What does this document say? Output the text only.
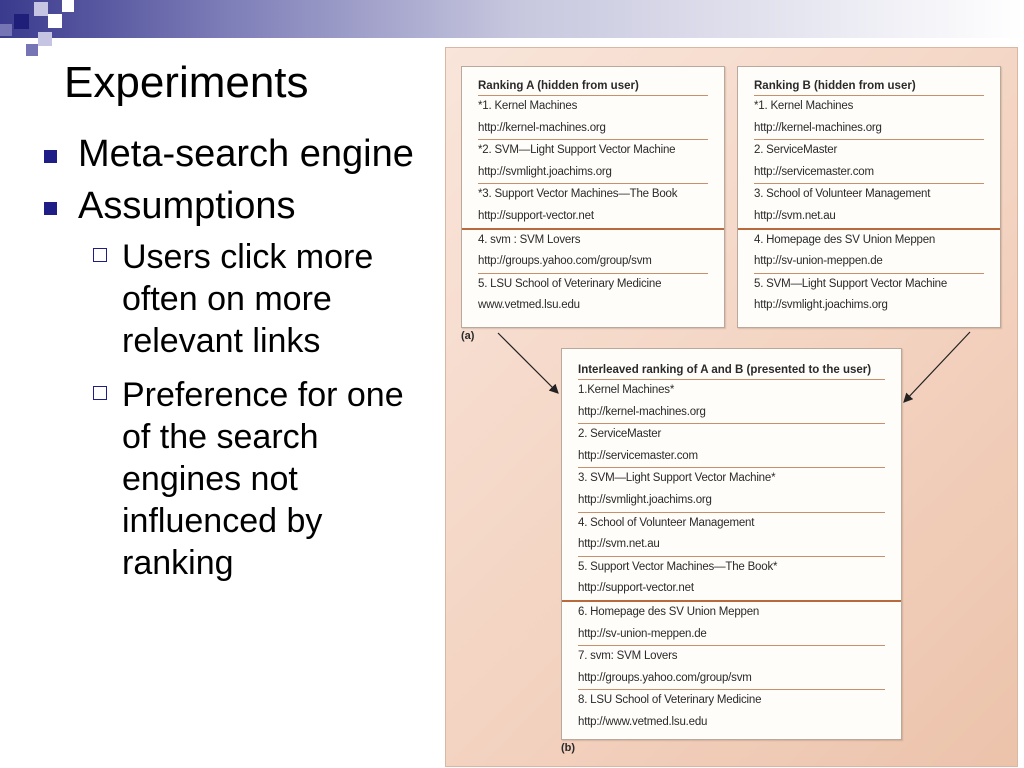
Experiments
Meta-search engine
Assumptions
Users click more often on more relevant links
Preference for one of the search engines not influenced by ranking
Ranking A (hidden from user)
*1. Kernel Machines
http://kernel-machines.org
*2. SVM—Light Support Vector Machine
http://svmlight.joachims.org
*3. Support Vector Machines—The Book
http://support-vector.net
4. svm : SVM Lovers
http://groups.yahoo.com/group/svm
5. LSU School of Veterinary Medicine
www.vetmed.lsu.edu
Ranking B (hidden from user)
*1. Kernel Machines
http://kernel-machines.org
2. ServiceMaster
http://servicemaster.com
3. School of Volunteer Management
http://svm.net.au
4. Homepage des SV Union Meppen
http://sv-union-meppen.de
5. SVM—Light Support Vector Machine
http://svmlight.joachims.org
(a)
Interleaved ranking of A and B (presented to the user)
1.Kernel Machines*
http://kernel-machines.org
2. ServiceMaster
http://servicemaster.com
3. SVM—Light Support Vector Machine*
http://svmlight.joachims.org
4. School of Volunteer Management
http://svm.net.au
5. Support Vector Machines—The Book*
http://support-vector.net
6. Homepage des SV Union Meppen
http://sv-union-meppen.de
7. svm: SVM Lovers
http://groups.yahoo.com/group/svm
8. LSU School of Veterinary Medicine
http://www.vetmed.lsu.edu
(b)
